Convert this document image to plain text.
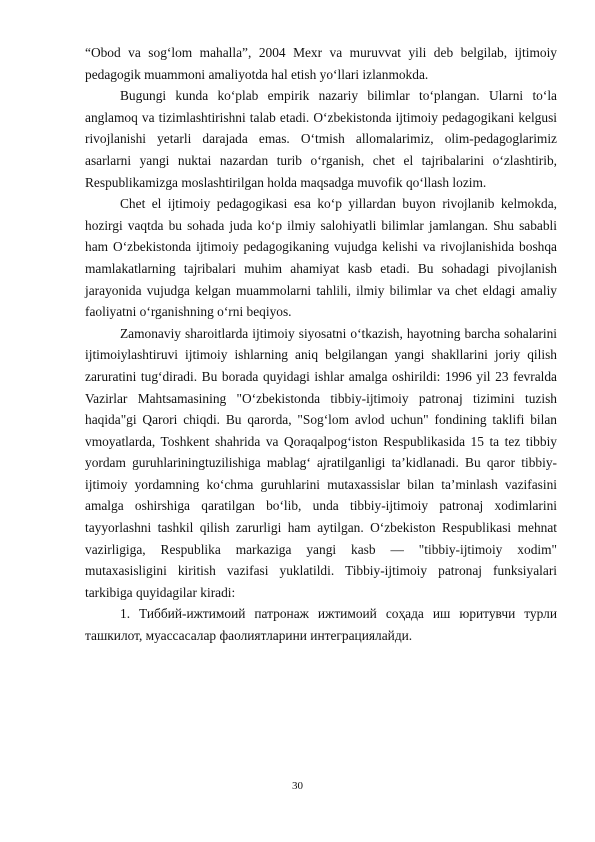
“Obod va sog‘lom mahalla”, 2004 Mexr va muruvvat yili deb belgilab, ijtimoiy pedagogik muammoni amaliyotda hal etish yo‘llari izlanmokda.

Bugungi kunda ko‘plab empirik nazariy bilimlar to‘plangan. Ularni to‘la anglamoq va tizimlashtirishni talab etadi. O‘zbekistonda ijtimoiy pedagogikani kelgusi rivojlanishi yetarli darajada emas. O‘tmish allomalarimiz, olim-pedagoglarimiz asarlarni yangi nuktai nazardan turib o‘rganish, chet el tajribalarini o‘zlashtirib, Respublikamizga moslashtirilgan holda maqsadga muvofik qo‘llash lozim.

Chet el ijtimoiy pedagogikasi esa ko‘p yillardan buyon rivojlanib kelmokda, hozirgi vaqtda bu sohada juda ko‘p ilmiy salohiyatli bilimlar jamlangan. Shu sababli ham O‘zbekistonda ijtimoiy pedagogikaning vujudga kelishi va rivojlanishida boshqa mamlakatlarning tajribalari muhim ahamiyat kasb etadi. Bu sohadagi pivojlanish jarayonida vujudga kelgan muammolarni tahlili, ilmiy bilimlar va chet eldagi amaliy faoliyatni o‘rganishning o‘rni beqiyos.

Zamonaviy sharoitlarda ijtimoiy siyosatni o‘tkazish, hayotning barcha sohalarini ijtimoiylashtiruvi ijtimoiy ishlarning aniq belgilangan yangi shakllarini joriy qilish zaruratini tug‘diradi. Bu borada quyidagi ishlar amalga oshirildi: 1996 yil 23 fevralda Vazirlar Mahtsamasining "O‘zbekistonda tibbiy-ijtimoiy patronaj tizimini tuzish haqida"gi Qarori chiqdi. Bu qarorda, "Sog‘lom avlod uchun" fondining taklifi bilan vmoyatlarda, Toshkent shahrida va Qoraqalpog‘iston Respublikasida 15 ta tez tibbiy yordam guruhlariningtuzilishiga mablag‘ ajratilganligi ta’kidlanadi. Bu qaror tibbiy-ijtimoiy yordamning ko‘chma guruhlarini mutaxassislar bilan ta’minlash vazifasini amalga oshirshiga qaratilgan bo‘lib, unda tibbiy-ijtimoiy patronaj xodimlarini tayyorlashni tashkil qilish zarurligi ham aytilgan. O‘zbekiston Respublikasi mehnat vazirligiga, Respublika markaziga yangi kasb — "tibbiy-ijtimoiy xodim" mutaxasisligini kiritish vazifasi yuklatildi. Tibbiy-ijtimoiy patronaj funksiyalari tarkibiga quyidagilar kiradi:

1. Тиббий-ижтимоий патронаж ижтимоий соҳада иш юритувчи турли ташкилот, муассасалар фаолиятларини интеграциялайди.

30
